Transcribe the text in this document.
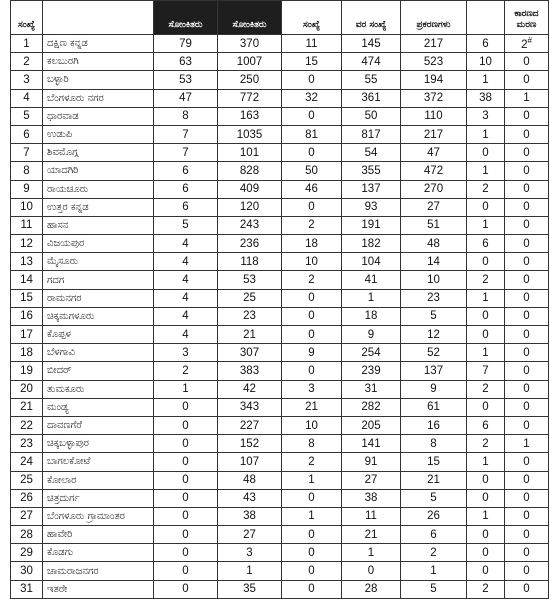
ಸಂಖ್ಯೆ		ಸೋಂಕಿತರು	ಸೋಂಕಿತರು	ಸಂಖ್ಯೆ	ವರ ಸಂಖ್ಯೆ	ಪ್ರಕರಣಗಳು		ಕಾರಣದ ಮರಣ
1	ದಕ್ಷಿಣ ಕನ್ನಡ	79	370	11	145	217	6	2#
2	ಕಲಬುರಗಿ	63	1007	15	474	523	10	0
3	ಬಳ್ಳಾರಿ	53	250	0	55	194	1	0
4	ಬೆಂಗಳೂರು ನಗರ	47	772	32	361	372	38	1
5	ಧಾರವಾಡ	8	163	0	50	110	3	0
6	ಉಡುಪಿ	7	1035	81	817	217	1	0
7	ಶಿವಮೊಗ್ಗ	7	101	0	54	47	0	0
8	ಯಾದಗಿರಿ	6	828	50	355	472	1	0
9	ರಾಯಚೂರು	6	409	46	137	270	2	0
10	ಉತ್ತರ ಕನ್ನಡ	6	120	0	93	27	0	0
11	ಹಾಸನ	5	243	2	191	51	1	0
12	ವಿಜಯಪುರ	4	236	18	182	48	6	0
13	ಮೈಸೂರು	4	118	10	104	14	0	0
14	ಗದಗ	4	53	2	41	10	2	0
15	ರಾಮನಗರ	4	25	0	1	23	1	0
16	ಚಿಕ್ಕಮಗಳೂರು	4	23	0	18	5	0	0
17	ಕೊಪ್ಪಳ	4	21	0	9	12	0	0
18	ಬೆಳಗಾವಿ	3	307	9	254	52	1	0
19	ಬೀದರ್	2	383	0	239	137	7	0
20	ತುಮಕೂರು	1	42	3	31	9	2	0
21	ಮಂಡ್ಯ	0	343	21	282	61	0	0
22	ದಾವಣಗೆರೆ	0	227	10	205	16	6	0
23	ಚಿಕ್ಕಬಳ್ಳಾಪುರ	0	152	8	141	8	2	1
24	ಬಾಗಲಕೋಟೆ	0	107	2	91	15	1	0
25	ಕೋಲಾರ	0	48	1	27	21	0	0
26	ಚಿತ್ರದುರ್ಗ	0	43	0	38	5	0	0
27	ಬೆಂಗಳೂರು ಗ್ರಾಮಾಂತರ	0	38	1	11	26	1	0
28	ಹಾವೇರಿ	0	27	0	21	6	0	0
29	ಕೊಡಗು	0	3	0	1	2	0	0
30	ಚಾಮರಾಜನಗರ	0	1	0	0	1	0	0
31	ಇತರೇ	0	35	0	28	5	2	0
